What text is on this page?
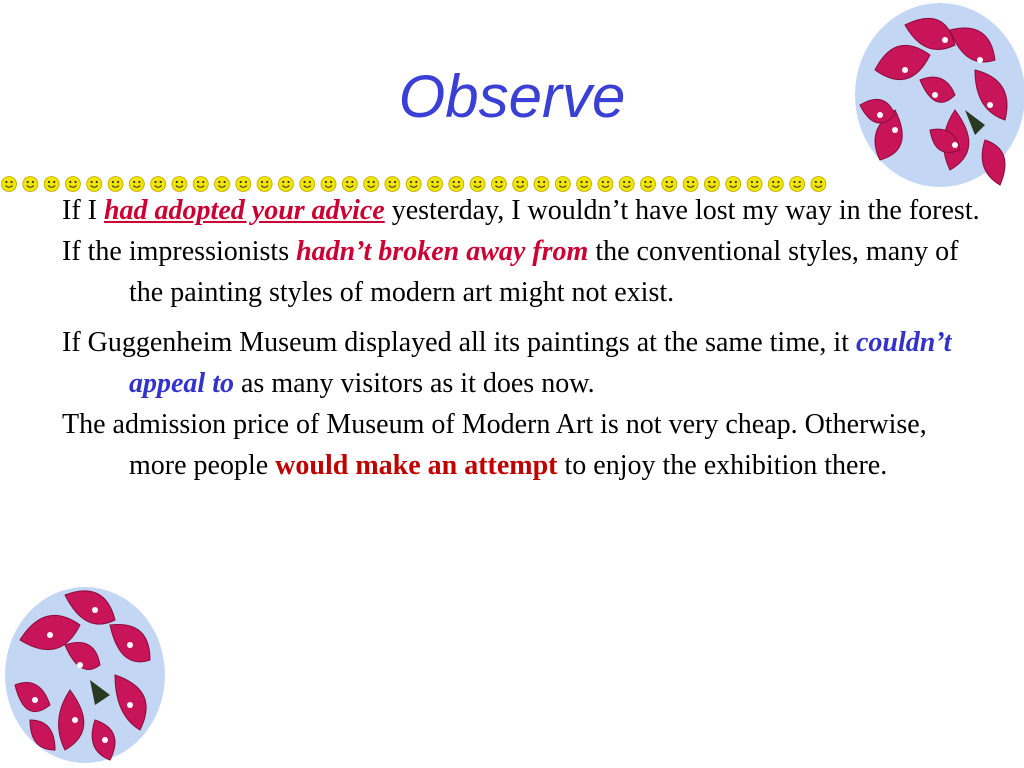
Observe

If I had adopted your advice yesterday, I wouldn’t have lost my way in the forest.

If the impressionists hadn’t broken away from the conventional styles, many of the painting styles of modern art might not exist.

If Guggenheim Museum displayed all its paintings at the same time, it couldn’t appeal to as many visitors as it does now.

The admission price of Museum of Modern Art is not very cheap. Otherwise, more people would make an attempt to enjoy the exhibition there.
